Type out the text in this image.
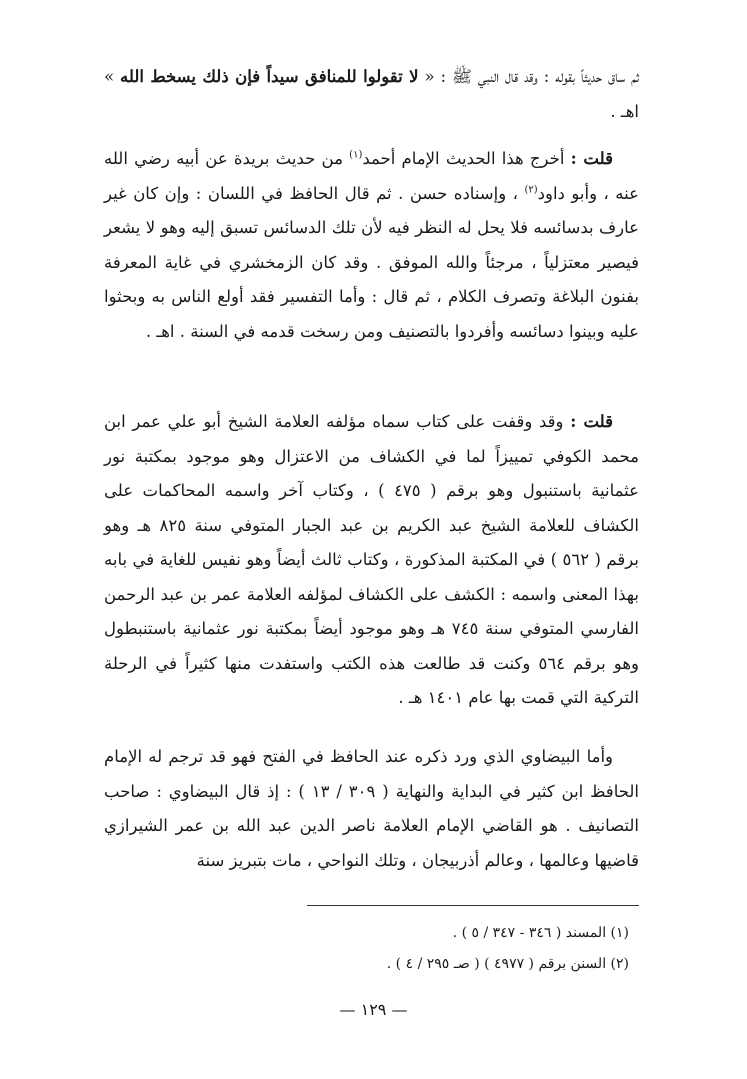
ثم ساق حديثاً بقوله : وقد قال النبي ﷺ : « لا تقولوا للمنافق سيداً فإن ذلك يسخط الله » اهـ .

قلت : أخرج هذا الحديث الإمام أحمد$^{(١)}$ من حديث بريدة عن أبيه رضي الله عنه ، وأبو داود$^{(٢)}$ ، وإسناده حسن . ثم قال الحافظ في اللسان : وإن كان غير عارف بدسائسه فلا يحل له النظر فيه لأن تلك الدسائس تسبق إليه وهو لا يشعر فيصير معتزلياً ، مرجئاً والله الموفق . وقد كان الزمخشري في غاية المعرفة بفنون البلاغة وتصرف الكلام ، ثم قال : وأما التفسير فقد أولع الناس به وبحثوا عليه وبينوا دسائسه وأفردوا بالتصنيف ومن رسخت قدمه في السنة . اهـ .

قلت : وقد وقفت على كتاب سماه مؤلفه العلامة الشيخ أبو علي عمر ابن محمد الكوفي تمييزاً لما في الكشاف من الاعتزال وهو موجود بمكتبة نور عثمانية باستنبول وهو برقم ( ٤٧٥ ) ، وكتاب آخر واسمه المحاكمات على الكشاف للعلامة الشيخ عبد الكريم بن عبد الجبار المتوفي سنة ٨٢٥ هـ وهو برقم ( ٥٦٢ ) في المكتبة المذكورة ، وكتاب ثالث أيضاً وهو نفيس للغاية في بابه بهذا المعنى واسمه : الكشف على الكشاف لمؤلفه العلامة عمر بن عبد الرحمن الفارسي المتوفي سنة ٧٤٥ هـ وهو موجود أيضاً بمكتبة نور عثمانية باستنبطول وهو برقم ٥٦٤ وكنت قد طالعت هذه الكتب واستفدت منها كثيراً في الرحلة التركية التي قمت بها عام ١٤٠١ هـ .

وأما البيضاوي الذي ورد ذكره عند الحافظ في الفتح فهو قد ترجم له الإمام الحافظ ابن كثير في البداية والنهاية ( ٣٠٩ / ١٣ ) : إذ قال البيضاوي : صاحب التصانيف . هو القاضي الإمام العلامة ناصر الدين عبد الله بن عمر الشيرازي قاضيها وعالمها ، وعالم أذربيجان ، وتلك النواحي ، مات بتبريز سنة

(١) المسند ( ٣٤٦ - ٣٤٧ / ٥ ) .
(٢) السنن برقم ( ٤٩٧٧ ) ( صـ ٢٩٥ / ٤ ) .
— ١٢٩ —
